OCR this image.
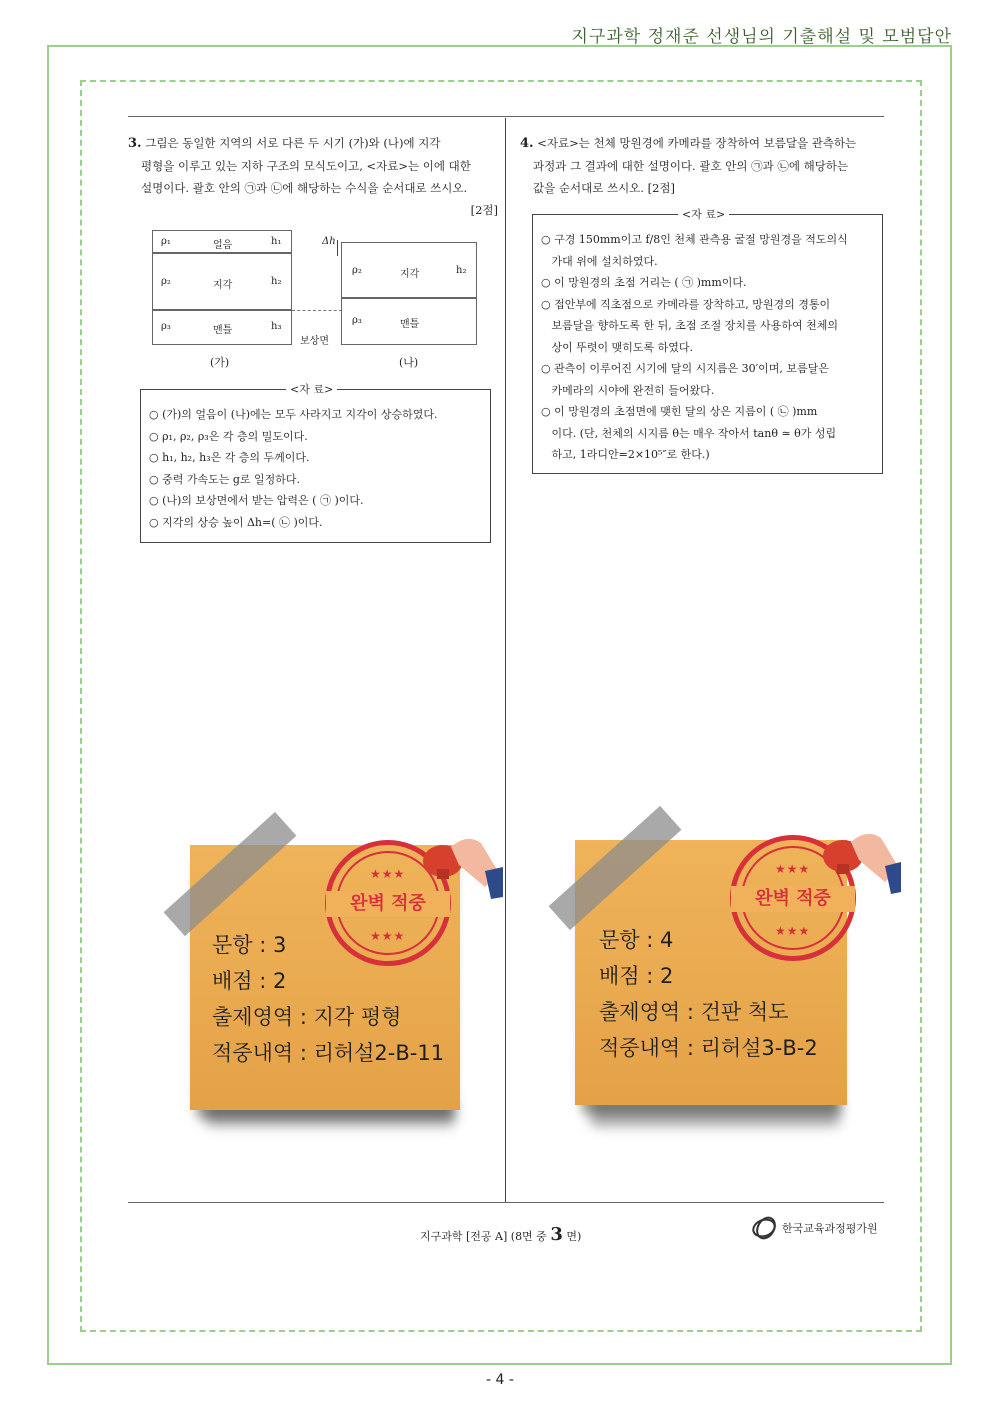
지구과학 정재준 선생님의 기출해설 및 모범답안
3. 그림은 동일한 지역의 서로 다른 두 시기 (가)와 (나)에 지각
평형을 이루고 있는 지하 구조의 모식도이고, <자료>는 이에 대한
설명이다. 괄호 안의 ㉠과 ㉡에 해당하는 수식을 순서대로 쓰시오.
[2점]
ρ₁	얼음	h₁
ρ₂	지각	h₂
ρ₃	맨틀	h₃
Δh
보상면
ρ₂	지각	h₂
ρ₃	맨틀
(가)	(나)
<자 료>
○ (가)의 얼음이 (나)에는 모두 사라지고 지각이 상승하였다.
○ ρ₁, ρ₂, ρ₃은 각 층의 밀도이다.
○ h₁, h₂, h₃은 각 층의 두께이다.
○ 중력 가속도는 g로 일정하다.
○ (나)의 보상면에서 받는 압력은 ( ㉠ )이다.
○ 지각의 상승 높이 Δh=( ㉡ )이다.
4. <자료>는 천체 망원경에 카메라를 장착하여 보름달을 관측하는
과정과 그 결과에 대한 설명이다. 괄호 안의 ㉠과 ㉡에 해당하는
값을 순서대로 쓰시오. [2점]
<자 료>
○ 구경 150mm이고 f/8인 천체 관측용 굴절 망원경을 적도의식
가대 위에 설치하였다.
○ 이 망원경의 초점 거리는 ( ㉠ )mm이다.
○ 접안부에 직초점으로 카메라를 장착하고, 망원경의 경통이
보름달을 향하도록 한 뒤, 초점 조절 장치를 사용하여 천체의
상이 뚜렷이 맺히도록 하였다.
○ 관측이 이루어진 시기에 달의 시지름은 30′이며, 보름달은
카메라의 시야에 완전히 들어왔다.
○ 이 망원경의 초점면에 맺힌 달의 상은 지름이 ( ㉡ )mm
이다. (단, 천체의 시지름 θ는 매우 작아서 tanθ ≃ θ가 성립
하고, 1라디안=2×10⁵″로 한다.)
문항 : 3
배점 : 2
출제영역 : 지각 평형
적중내역 : 리허설2-B-11
★★★
완벽 적중
★★★	문항 : 4
배점 : 2
출제영역 : 건판 척도
적중내역 : 리허설3-B-2
★★★
완벽 적중
★★★
지구과학 [전공 A] (8면 중 3 면)
한국교육과정평가원
- 4 -
